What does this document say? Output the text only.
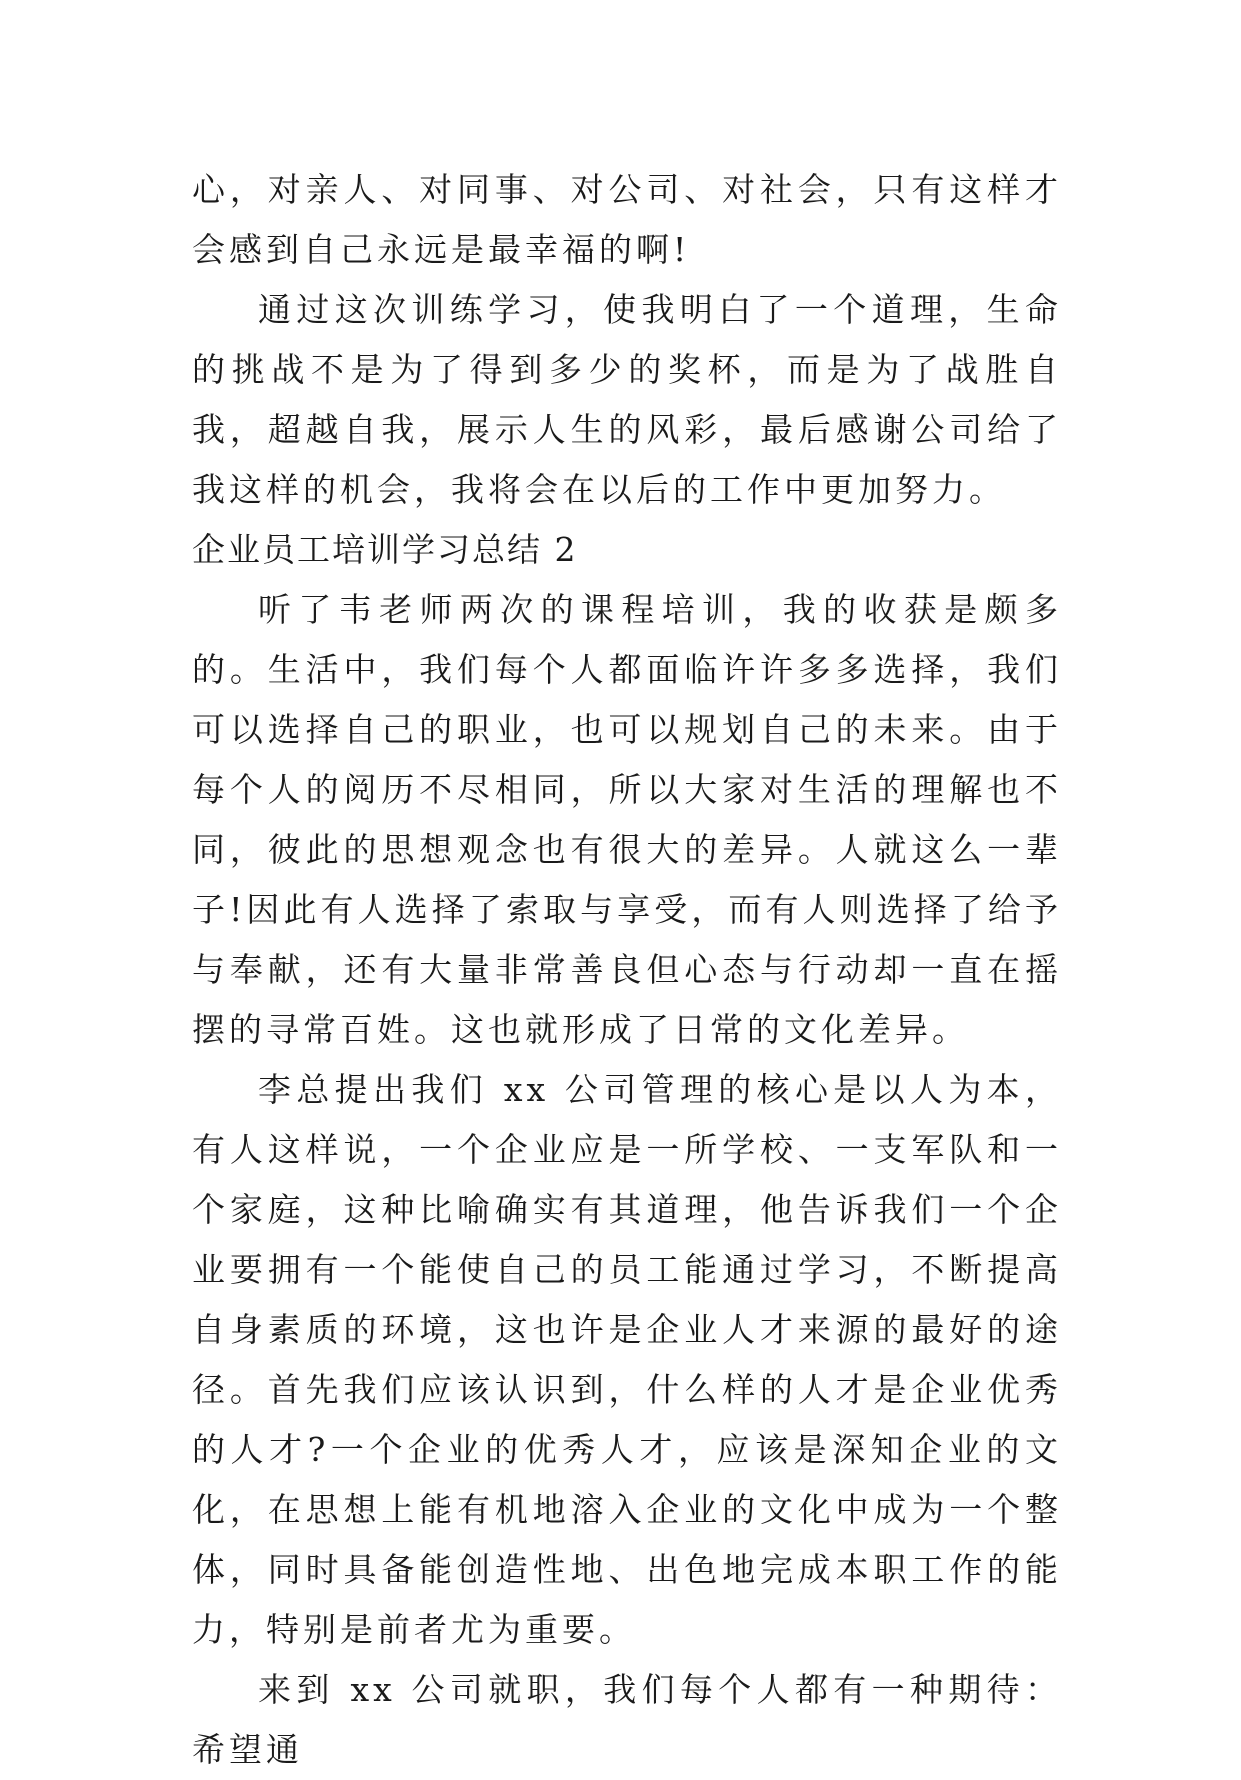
心，对亲人、对同事、对公司、对社会，只有这样才会感到自己永远是最幸福的啊!

通过这次训练学习，使我明白了一个道理，生命的挑战不是为了得到多少的奖杯，而是为了战胜自我，超越自我，展示人生的风彩，最后感谢公司给了我这样的机会，我将会在以后的工作中更加努力。

企业员工培训学习总结 2

听了韦老师两次的课程培训，我的收获是颇多的。生活中，我们每个人都面临许许多多选择，我们可以选择自己的职业，也可以规划自己的未来。由于每个人的阅历不尽相同，所以大家对生活的理解也不同，彼此的思想观念也有很大的差异。人就这么一辈子!因此有人选择了索取与享受，而有人则选择了给予与奉献，还有大量非常善良但心态与行动却一直在摇摆的寻常百姓。这也就形成了日常的文化差异。

李总提出我们 xx 公司管理的核心是以人为本，有人这样说，一个企业应是一所学校、一支军队和一个家庭，这种比喻确实有其道理，他告诉我们一个企业要拥有一个能使自己的员工能通过学习，不断提高自身素质的环境，这也许是企业人才来源的最好的途径。首先我们应该认识到，什么样的人才是企业优秀的人才?一个企业的优秀人才，应该是深知企业的文化，在思想上能有机地溶入企业的文化中成为一个整体，同时具备能创造性地、出色地完成本职工作的能力，特别是前者尤为重要。

来到 xx 公司就职，我们每个人都有一种期待：希望通
